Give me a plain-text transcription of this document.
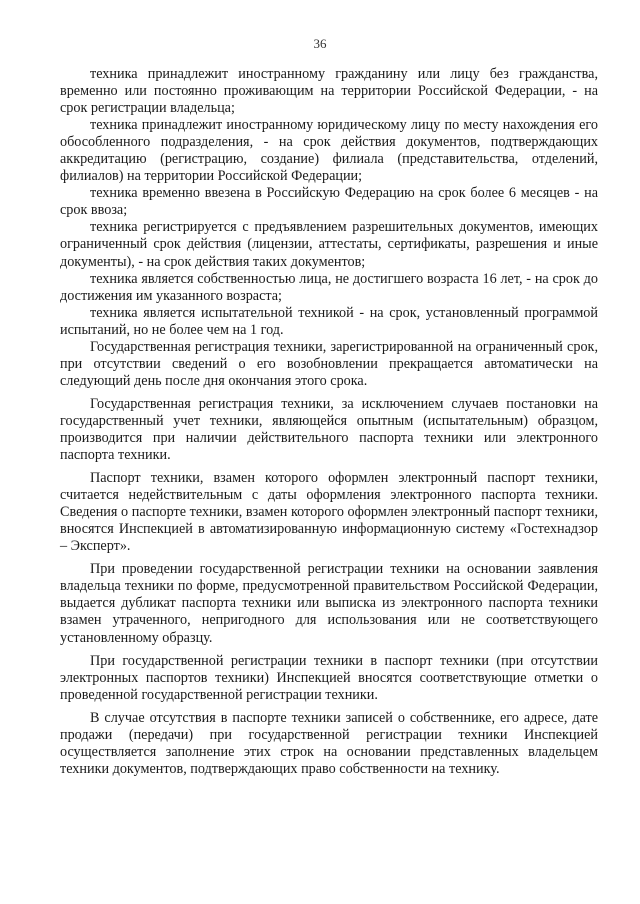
36

техника принадлежит иностранному гражданину или лицу без гражданства, временно или постоянно проживающим на территории Российской Федерации, - на срок регистрации владельца;

техника принадлежит иностранному юридическому лицу по месту нахождения его обособленного подразделения, - на срок действия документов, подтверждающих аккредитацию (регистрацию, создание) филиала (представительства, отделений, филиалов) на территории Российской Федерации;

техника временно ввезена в Российскую Федерацию на срок более 6 месяцев - на срок ввоза;

техника регистрируется с предъявлением разрешительных документов, имеющих ограниченный срок действия (лицензии, аттестаты, сертификаты, разрешения и иные документы), - на срок действия таких документов;

техника является собственностью лица, не достигшего возраста 16 лет, - на срок до достижения им указанного возраста;

техника является испытательной техникой - на срок, установленный программой испытаний, но не более чем на 1 год.

Государственная регистрация техники, зарегистрированной на ограниченный срок, при отсутствии сведений о его возобновлении прекращается автоматически на следующий день после дня окончания этого срока.

Государственная регистрация техники, за исключением случаев постановки на государственный учет техники, являющейся опытным (испытательным) образцом, производится при наличии действительного паспорта техники или электронного паспорта техники.

Паспорт техники, взамен которого оформлен электронный паспорт техники, считается недействительным с даты оформления электронного паспорта техники. Сведения о паспорте техники, взамен которого оформлен электронный паспорт техники, вносятся Инспекцией в автоматизированную информационную систему «Гостехнадзор – Эксперт».

При проведении государственной регистрации техники на основании заявления владельца техники по форме, предусмотренной правительством Российской Федерации, выдается дубликат паспорта техники или выписка из электронного паспорта техники взамен утраченного, непригодного для использования или не соответствующего установленному образцу.

При государственной регистрации техники в паспорт техники (при отсутствии электронных паспортов техники) Инспекцией вносятся соответствующие отметки о проведенной государственной регистрации техники.

В случае отсутствия в паспорте техники записей о собственнике, его адресе, дате продажи (передачи) при государственной регистрации техники Инспекцией осуществляется заполнение этих строк на основании представленных владельцем техники документов, подтверждающих право собственности на технику.
